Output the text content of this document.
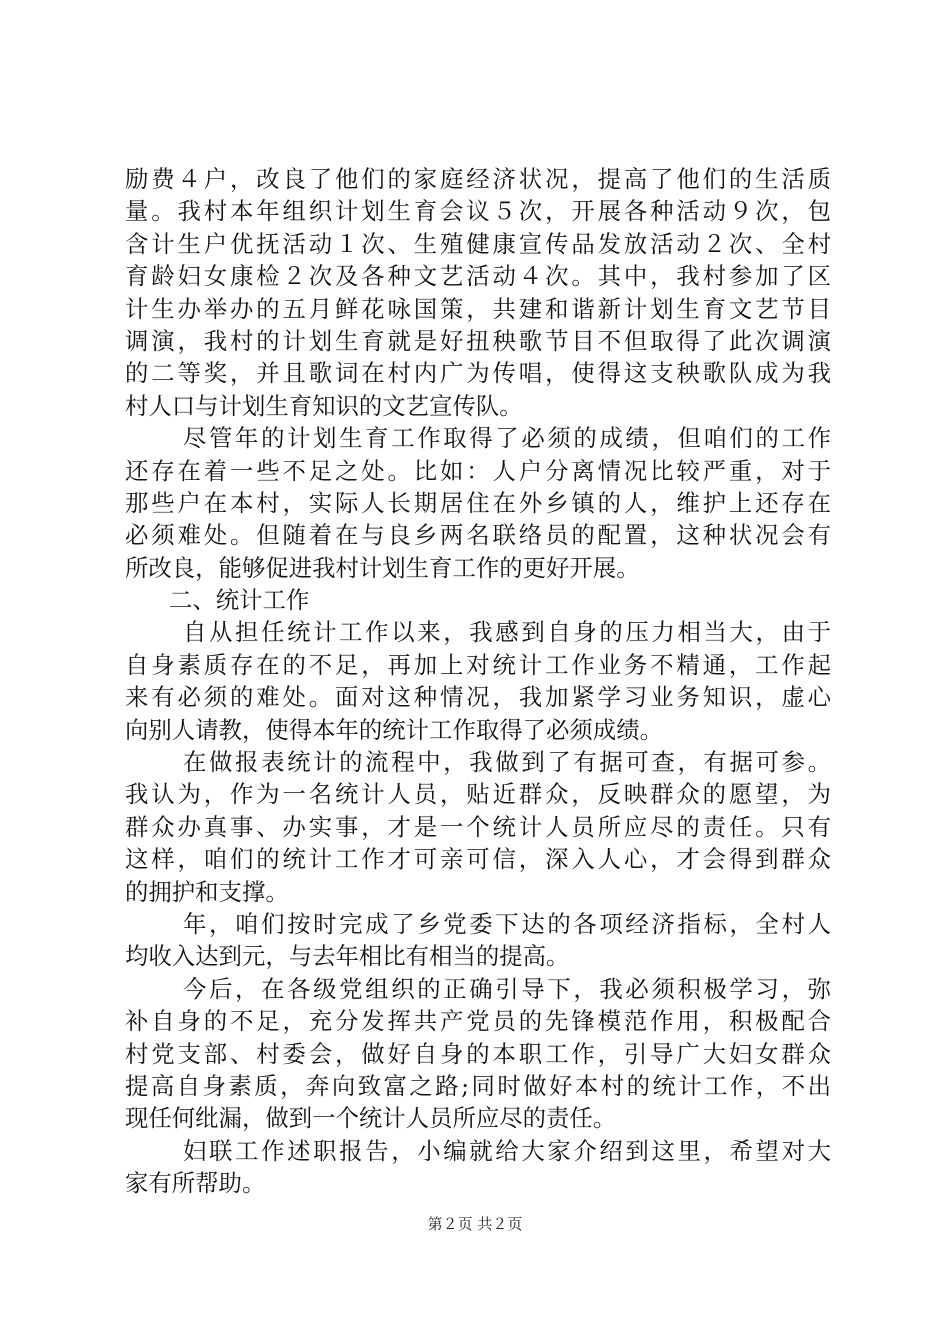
励费４户，改良了他们的家庭经济状况，提高了他们的生活质
量。我村本年组织计划生育会议５次，开展各种活动９次，包
含计生户优抚活动１次、生殖健康宣传品发放活动２次、全村
育龄妇女康检２次及各种文艺活动４次。其中，我村参加了区
计生办举办的五月鲜花咏国策，共建和谐新计划生育文艺节目
调演，我村的计划生育就是好扭秧歌节目不但取得了此次调演
的二等奖，并且歌词在村内广为传唱，使得这支秧歌队成为我
村人口与计划生育知识的文艺宣传队。
尽管年的计划生育工作取得了必须的成绩，但咱们的工作
还存在着一些不足之处。比如：人户分离情况比较严重，对于
那些户在本村，实际人长期居住在外乡镇的人，维护上还存在
必须难处。但随着在与良乡两名联络员的配置，这种状况会有
所改良，能够促进我村计划生育工作的更好开展。
二、统计工作
自从担任统计工作以来，我感到自身的压力相当大，由于
自身素质存在的不足，再加上对统计工作业务不精通，工作起
来有必须的难处。面对这种情况，我加紧学习业务知识，虚心
向别人请教，使得本年的统计工作取得了必须成绩。
在做报表统计的流程中，我做到了有据可查，有据可参。
我认为，作为一名统计人员，贴近群众，反映群众的愿望，为
群众办真事、办实事，才是一个统计人员所应尽的责任。只有
这样，咱们的统计工作才可亲可信，深入人心，才会得到群众
的拥护和支撑。
年，咱们按时完成了乡党委下达的各项经济指标，全村人
均收入达到元，与去年相比有相当的提高。
今后，在各级党组织的正确引导下，我必须积极学习，弥
补自身的不足，充分发挥共产党员的先锋模范作用，积极配合
村党支部、村委会，做好自身的本职工作，引导广大妇女群众
提高自身素质，奔向致富之路;同时做好本村的统计工作，不出
现任何纰漏，做到一个统计人员所应尽的责任。
妇联工作述职报告，小编就给大家介绍到这里，希望对大
家有所帮助。
第２页 共２页
